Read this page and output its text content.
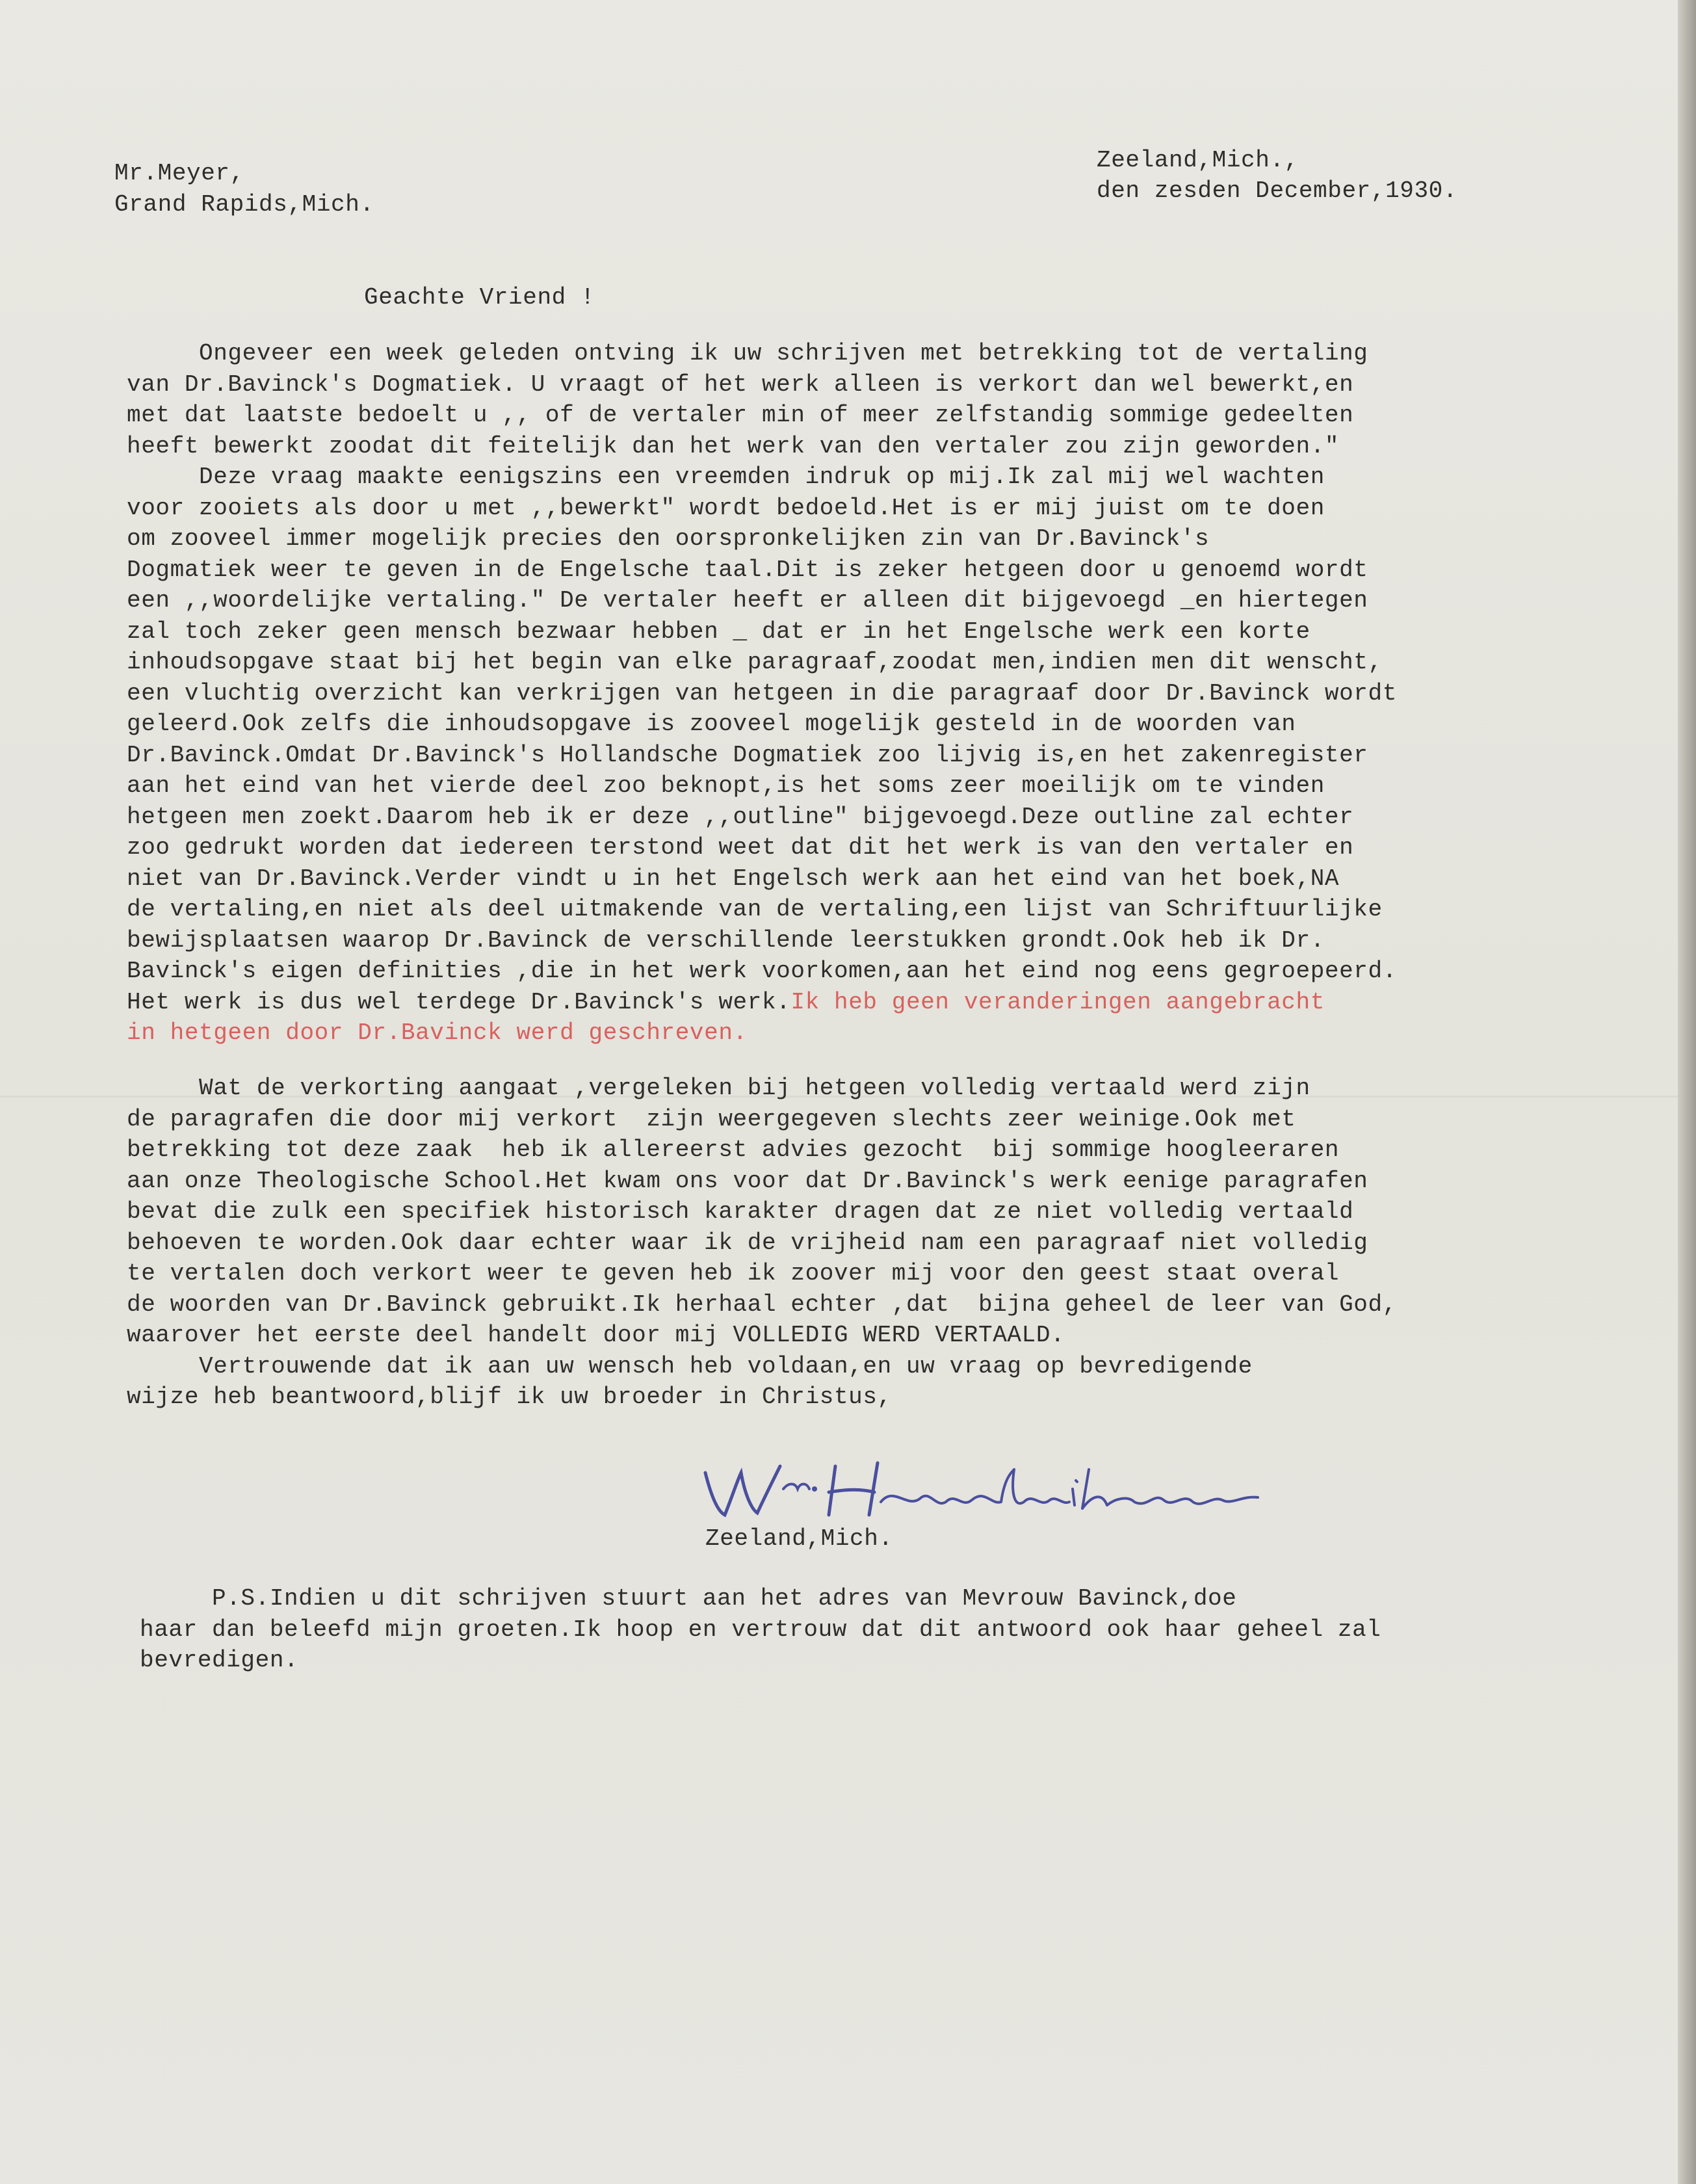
Mr.Meyer,
Grand Rapids,Mich.
Zeeland,Mich.,
den zesden December,1930.
Geachte Vriend !
Ongeveer een week geleden ontving ik uw schrijven met betrekking tot de vertaling
van Dr.Bavinck's Dogmatiek. U vraagt of het werk alleen is verkort dan wel bewerkt,en
met dat laatste bedoelt u ,, of de vertaler min of meer zelfstandig sommige gedeelten
heeft bewerkt zoodat dit feitelijk dan het werk van den vertaler zou zijn geworden."
Deze vraag maakte eenigszins een vreemden indruk op mij.Ik zal mij wel wachten
voor zooiets als door u met ,,bewerkt" wordt bedoeld.Het is er mij juist om te doen
om zooveel immer mogelijk precies den oorspronkelijken zin van Dr.Bavinck's
Dogmatiek weer te geven in de Engelsche taal.Dit is zeker hetgeen door u genoemd wordt
een ,,woordelijke vertaling." De vertaler heeft er alleen dit bijgevoegd _en hiertegen
zal toch zeker geen mensch bezwaar hebben _ dat er in het Engelsche werk een korte
inhoudsopgave staat bij het begin van elke paragraaf,zoodat men,indien men dit wenscht,
een vluchtig overzicht kan verkrijgen van hetgeen in die paragraaf door Dr.Bavinck wordt
geleerd.Ook zelfs die inhoudsopgave is zooveel mogelijk gesteld in de woorden van
Dr.Bavinck.Omdat Dr.Bavinck's Hollandsche Dogmatiek zoo lijvig is,en het zakenregister
aan het eind van het vierde deel zoo beknopt,is het soms zeer moeilijk om te vinden
hetgeen men zoekt.Daarom heb ik er deze ,,outline" bijgevoegd.Deze outline zal echter
zoo gedrukt worden dat iedereen terstond weet dat dit het werk is van den vertaler en
niet van Dr.Bavinck.Verder vindt u in het Engelsch werk aan het eind van het boek,NA
de vertaling,en niet als deel uitmakende van de vertaling,een lijst van Schriftuurlijke
bewijsplaatsen waarop Dr.Bavinck de verschillende leerstukken grondt.Ook heb ik Dr.
Bavinck's eigen definities ,die in het werk voorkomen,aan het eind nog eens gegroepeerd.
Het werk is dus wel terdege Dr.Bavinck's werk.Ik heb geen veranderingen aangebracht
in hetgeen door Dr.Bavinck werd geschreven.
Wat de verkorting aangaat ,vergeleken bij hetgeen volledig vertaald werd zijn
de paragrafen die door mij verkort  zijn weergegeven slechts zeer weinige.Ook met
betrekking tot deze zaak  heb ik allereerst advies gezocht  bij sommige hoogleeraren
aan onze Theologische School.Het kwam ons voor dat Dr.Bavinck's werk eenige paragrafen
bevat die zulk een specifiek historisch karakter dragen dat ze niet volledig vertaald
behoeven te worden.Ook daar echter waar ik de vrijheid nam een paragraaf niet volledig
te vertalen doch verkort weer te geven heb ik zoover mij voor den geest staat overal
de woorden van Dr.Bavinck gebruikt.Ik herhaal echter ,dat  bijna geheel de leer van God,
waarover het eerste deel handelt door mij VOLLEDIG WERD VERTAALD.
Vertrouwende dat ik aan uw wensch heb voldaan,en uw vraag op bevredigende
wijze heb beantwoord,blijf ik uw broeder in Christus,
Zeeland,Mich.
P.S.Indien u dit schrijven stuurt aan het adres van Mevrouw Bavinck,doe
haar dan beleefd mijn groeten.Ik hoop en vertrouw dat dit antwoord ook haar geheel zal
bevredigen.
